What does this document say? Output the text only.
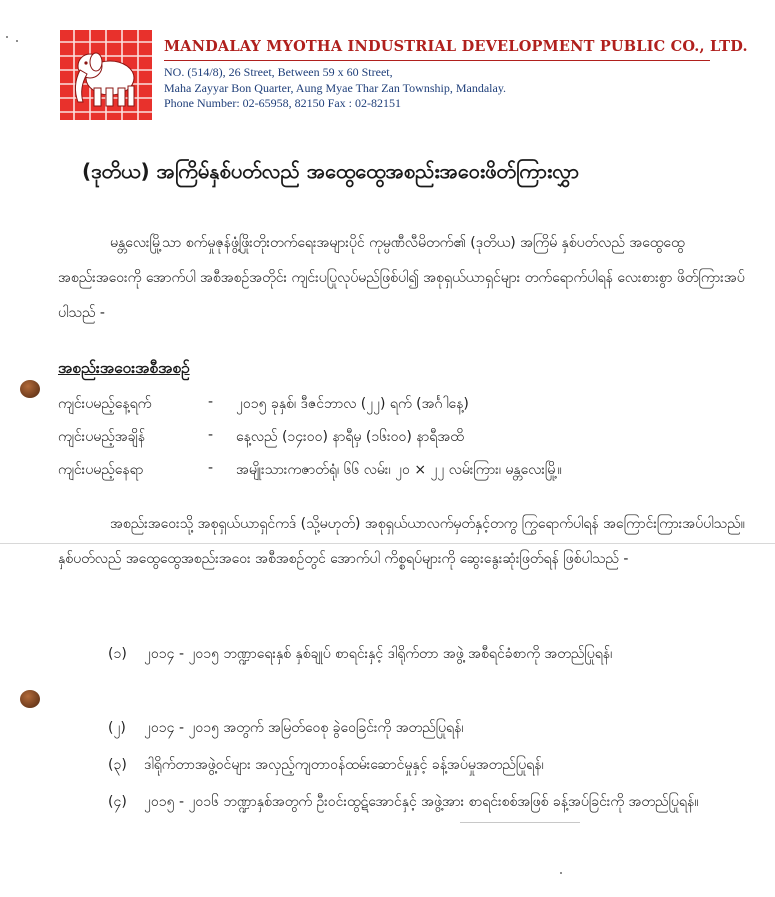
MANDALAY MYOTHA INDUSTRIAL DEVELOPMENT PUBLIC CO., LTD.
NO. (514/8), 26 Street, Between 59 x 60 Street,
Maha Zayyar Bon Quarter, Aung Myae Thar Zan Township, Mandalay.
Phone Number: 02-65958, 82150 Fax : 02-82151
(ဒုတိယ) အကြိမ်နှစ်ပတ်လည် အထွေထွေအစည်းအဝေးဖိတ်ကြားလွှာ
မန္တလေးမြို့သာ စက်မှုဇုန်ဖွံ့ဖြိုးတိုးတက်ရေးအများပိုင် ကုမ္ပဏီလီမိတက်၏ (ဒုတိယ) အကြိမ် နှစ်ပတ်လည် အထွေထွေအစည်းအဝေးကို အောက်ပါ အစီအစဉ်အတိုင်း ကျင်းပပြုလုပ်မည်ဖြစ်ပါ၍ အစုရှယ်ယာရှင်များ တက်ရောက်ပါရန် လေးစားစွာ ဖိတ်ကြားအပ်ပါသည် -
အစည်းအဝေးအစီအစဉ်
ကျင်းပမည့်နေ့ရက်	- ၂၀၁၅ ခုနှစ်၊ ဒီဇင်ဘာလ (၂၂) ရက် (အင်္ဂါနေ့)
ကျင်းပမည့်အချိန်	- နေ့လည် (၁၄း၀၀) နာရီမှ (၁၆း၀၀) နာရီအထိ
ကျင်းပမည့်နေရာ	- အမျိုးသားကဇာတ်ရုံ၊ ၆၆ လမ်း၊ ၂၀ × ၂၂ လမ်းကြား၊ မန္တလေးမြို့။
အစည်းအဝေးသို့ အစုရှယ်ယာရှင်ကဒ် (သို့မဟုတ်) အစုရှယ်ယာလက်မှတ်နှင့်တကွ ကြွရောက်ပါရန် အကြောင်းကြားအပ်ပါသည်။ နှစ်ပတ်လည် အထွေထွေအစည်းအဝေး အစီအစဉ်တွင် အောက်ပါ ကိစ္စရပ်များကို ဆွေးနွေးဆုံးဖြတ်ရန် ဖြစ်ပါသည် -
(၁)	၂၀၁၄ - ၂၀၁၅ ဘဏ္ဍာရေးနှစ် နှစ်ချုပ် စာရင်းနှင့် ဒါရိုက်တာ အဖွဲ့ အစီရင်ခံစာကို အတည်ပြုရန်၊
(၂)	၂၀၁၄ - ၂၀၁၅ အတွက် အမြတ်ဝေစု ခွဲဝေခြင်းကို အတည်ပြုရန်၊
(၃)	ဒါရိုက်တာအဖွဲ့ဝင်များ အလှည့်ကျတာဝန်ထမ်းဆောင်မှုနှင့် ခန့်အပ်မှုအတည်ပြုရန်၊
(၄)	၂၀၁၅ - ၂၀၁၆ ဘဏ္ဍာနှစ်အတွက် ဦးဝင်းထွဋ်အောင်နှင့် အဖွဲ့အား စာရင်းစစ်အဖြစ် ခန့်အပ်ခြင်းကို အတည်ပြုရန်။
